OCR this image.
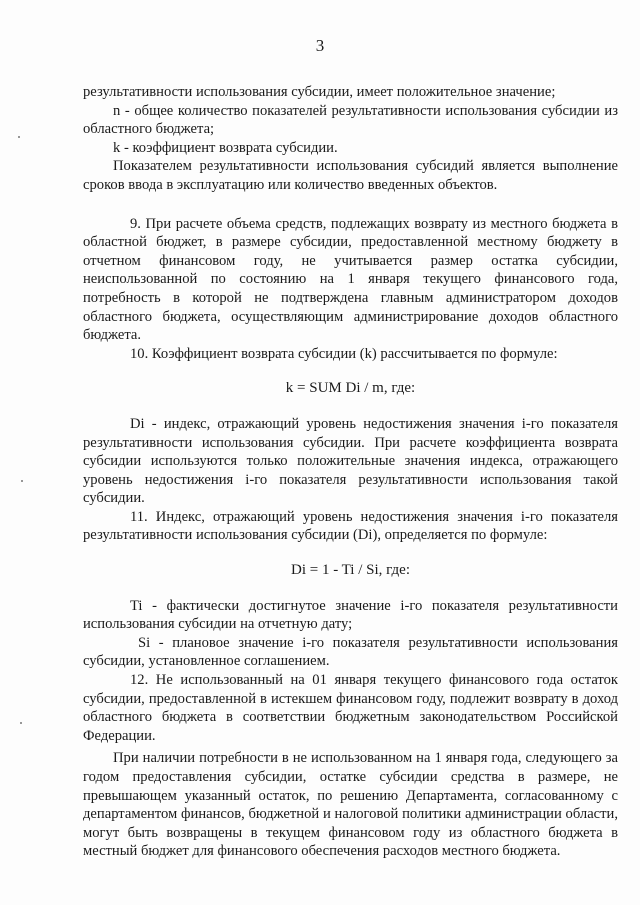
3

результативности использования субсидии, имеет положительное значение;

n - общее количество показателей результативности использования субсидии из областного бюджета;

k - коэффициент возврата субсидии.

Показателем результативности использования субсидий является выполнение сроков ввода в эксплуатацию или количество введенных объектов.

9. При расчете объема средств, подлежащих возврату из местного бюджета в областной бюджет, в размере субсидии, предоставленной местному бюджету в отчетном финансовом году, не учитывается размер остатка субсидии, неиспользованной по состоянию на 1 января текущего финансового года, потребность в которой не подтверждена главным администратором доходов областного бюджета, осуществляющим администрирование доходов областного бюджета.

10. Коэффициент возврата субсидии (k) рассчитывается по формуле:

k = SUM Di / m, где:

Di - индекс, отражающий уровень недостижения значения i-го показателя результативности использования субсидии. При расчете коэффициента возврата субсидии используются только положительные значения индекса, отражающего уровень недостижения i-го показателя результативности использования такой субсидии.

11. Индекс, отражающий уровень недостижения значения i-го показателя результативности использования субсидии (Di), определяется по формуле:

Di = 1 - Ti / Si, где:

Ti - фактически достигнутое значение i-го показателя результативности использования субсидии на отчетную дату;

Si - плановое значение i-го показателя результативности использования субсидии, установленное соглашением.

12. Не использованный на 01 января текущего финансового года остаток субсидии, предоставленной в истекшем финансовом году, подлежит возврату в доход областного бюджета в соответствии бюджетным законодательством Российской Федерации.

При наличии потребности в не использованном на 1 января года, следующего за годом предоставления субсидии, остатке субсидии средства в размере, не превышающем указанный остаток, по решению Департамента, согласованному с департаментом финансов, бюджетной и налоговой политики администрации области, могут быть возвращены в текущем финансовом году из областного бюджета в местный бюджет для финансового обеспечения расходов местного бюджета.
